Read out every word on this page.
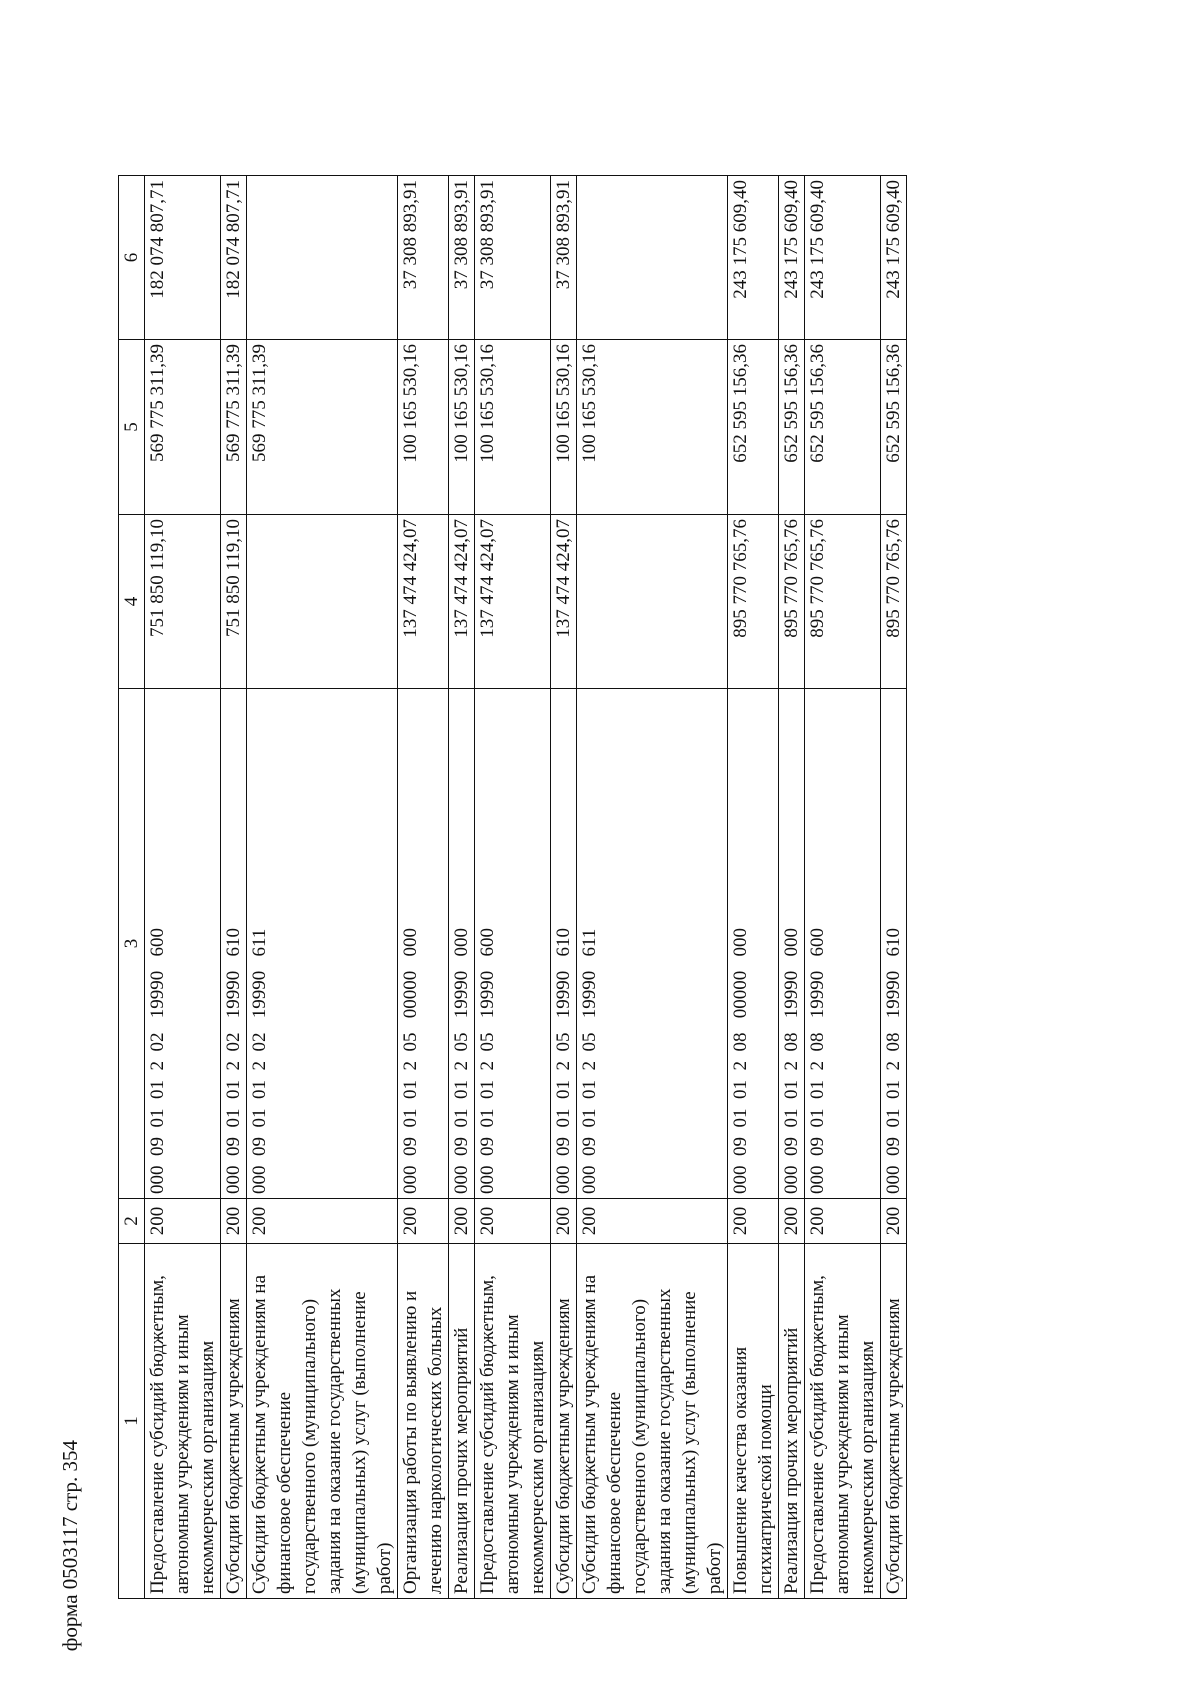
форма 0503117 стр. 354
1	2	3	4	5	6
Предоставление субсидий бюджетным, автономным учреждениям и иным некоммерческим организациям	200	000  09  01  01  2  02   19990   600	751 850 119,10	569 775 311,39	182 074 807,71
Субсидии бюджетным учреждениям	200	000  09  01  01  2  02   19990   610	751 850 119,10	569 775 311,39	182 074 807,71
Субсидии бюджетным учреждениям на финансовое обеспечение государственного (муниципального) задания на оказание государственных (муниципальных) услуг (выполнение работ)	200	000  09  01  01  2  02   19990   611		569 775 311,39	
Организация работы по выявлению и лечению наркологических больных	200	000  09  01  01  2  05   00000   000	137 474 424,07	100 165 530,16	37 308 893,91
Реализация прочих мероприятий	200	000  09  01  01  2  05   19990   000	137 474 424,07	100 165 530,16	37 308 893,91
Предоставление субсидий бюджетным, автономным учреждениям и иным некоммерческим организациям	200	000  09  01  01  2  05   19990   600	137 474 424,07	100 165 530,16	37 308 893,91
Субсидии бюджетным учреждениям	200	000  09  01  01  2  05   19990   610	137 474 424,07	100 165 530,16	37 308 893,91
Субсидии бюджетным учреждениям на финансовое обеспечение государственного (муниципального) задания на оказание государственных (муниципальных) услуг (выполнение работ)	200	000  09  01  01  2  05   19990   611		100 165 530,16	
Повышение качества оказания психиатрической помощи	200	000  09  01  01  2  08   00000   000	895 770 765,76	652 595 156,36	243 175 609,40
Реализация прочих мероприятий	200	000  09  01  01  2  08   19990   000	895 770 765,76	652 595 156,36	243 175 609,40
Предоставление субсидий бюджетным, автономным учреждениям и иным некоммерческим организациям	200	000  09  01  01  2  08   19990   600	895 770 765,76	652 595 156,36	243 175 609,40
Субсидии бюджетным учреждениям	200	000  09  01  01  2  08   19990   610	895 770 765,76	652 595 156,36	243 175 609,40
